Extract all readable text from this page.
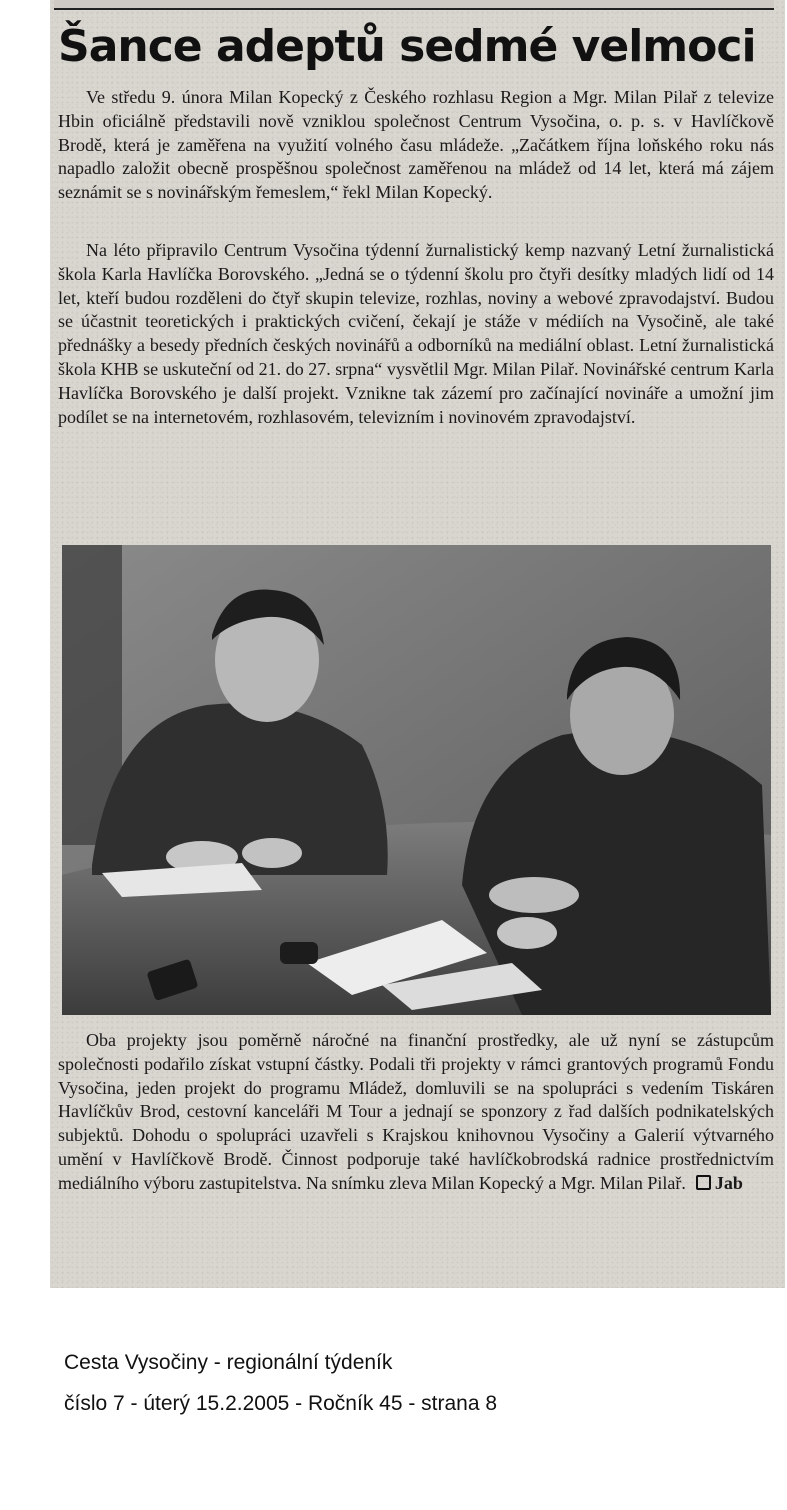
Šance adeptů sedmé velmoci

Ve středu 9. února Milan Kopecký z Českého rozhlasu Region a Mgr. Milan Pilař z televize Hbin oficiálně představili nově vzniklou společnost Centrum Vysočina, o. p. s. v Havlíčkově Brodě, která je zaměřena na využití volného času mládeže. „Začátkem října loňského roku nás napadlo založit obecně prospěšnou společnost zaměřenou na mládež od 14 let, která má zájem seznámit se s novinářským řemeslem,“ řekl Milan Kopecký.

Na léto připravilo Centrum Vysočina týdenní žurnalistický kemp nazvaný Letní žurnalistická škola Karla Havlíčka Borovského. „Jedná se o týdenní školu pro čtyři desítky mladých lidí od 14 let, kteří budou rozděleni do čtyř skupin televize, rozhlas, noviny a webové zpravodajství. Budou se účastnit teoretických i praktických cvičení, čekají je stáže v médiích na Vysočině, ale také přednášky a besedy předních českých novinářů a odborníků na mediální oblast. Letní žurnalistická škola KHB se uskuteční od 21. do 27. srpna“ vysvětlil Mgr. Milan Pilař. Novinářské centrum Karla Havlíčka Borovského je další projekt. Vznikne tak zázemí pro začínající novináře a umožní jim podílet se na internetovém, rozhlasovém, televizním i novinovém zpravodajství.

Oba projekty jsou poměrně náročné na finanční prostředky, ale už nyní se zástupcům společnosti podařilo získat vstupní částky. Podali tři projekty v rámci grantových programů Fondu Vysočina, jeden projekt do programu Mládež, domluvili se na spolupráci s vedením Tiskáren Havlíčkův Brod, cestovní kanceláři M Tour a jednají se sponzory z řad dalších podnikatelských subjektů. Dohodu o spolupráci uzavřeli s Krajskou knihovnou Vysočiny a Galerií výtvarného umění v Havlíčkově Brodě. Činnost podporuje také havlíčkobrodská radnice prostřednictvím mediálního výboru zastupitelstva. Na snímku zleva Milan Kopecký a Mgr. Milan Pilař. Jab

Cesta Vysočiny - regionální týdeník

číslo 7 - úterý 15.2.2005 - Ročník 45 - strana 8
